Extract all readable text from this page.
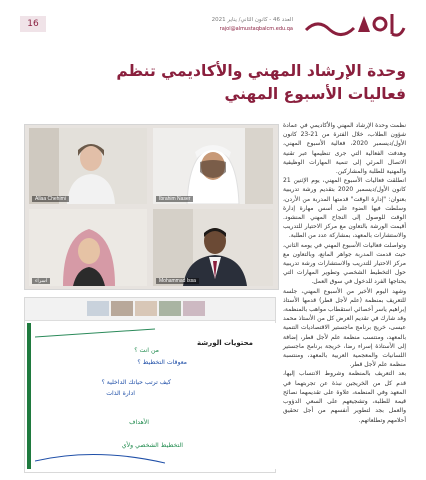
16	العدد 46 - كانون الثاني/ يناير 2021
rajol@almustaqbalcm.edu.qa
وحدة الإرشاد المهني والأكاديمي تنظم
فعاليات الأسبوع المهني

نظمت وحدة الإرشاد المهني والأكاديمي في عمادة شؤون الطلاب، خلال الفترة من 21-23 كانون الأول/ديسمبر 2020، فعالية الأسبوع المهني، وهدفت الفعالية التي جرى تنظيمها عبر تقنية الاتصال المرئي إلى تنمية المهارات الوظيفية والمهنية للطلبة والمشاركين.

انطلقت فعاليات الأسبوع المهني، يوم الإثنين 21 كانون الأول/ديسمبر 2020 بتقديم ورشة تدريبية بعنوان: "إدارة الوقت" قدمتها المدربة من الأردن، وسلطت فيها الضوء على أسس مهارة إدارة الوقت للوصول إلى النجاح المهني المنشود. أقيمت الورشة بالتعاون مع مركز الاحتيار للتدريب والاستشارات بالمعهد، بمشاركة عدد من الطلبة.

وتواصلت فعاليات الأسبوع المهني في يومه الثاني، حيث قدمت المدربة جواهر المانع، وبالتعاون مع مركز الاحتيار للتدريب والاستشارات ورشة تدريبية حول التخطيط الشخصي وتطوير المهارات التي يحتاجها الفرد للدخول في سوق العمل.

وشهد اليوم الأخير من الأسبوع المهني، جلسة للتعريف بمنظمة (علم لأجل قطر) قدمها الأستاذ إبراهيم ياسر أخصائي استقطاب مواهب بالمنظمة، وقد شارك في تقديم العرض كل من الأستاذ محمد عيسى، خريج برنامج ماجستير الاقتصاديات التنمية بالمعهد، ومنتسب منظمة علم لأجل قطر، إضافة إلى الأستاذة إسراء رضا، خريجة برنامج ماجستير اللسانيات والمعجمية العربية بالمعهد، ومنتسبة منظمة علم لأجل قطر.

بعد التعريف بالمنظمة وشروط الانتساب إليها، قدم كل من الخريجين نبذة عن تجربتهما في المعهد وفي المنظمة، علاوة على تقديمهما نصائح قيمة للطلبة، وتشجيعهم على السعي الدؤوب والعمل بجد لتطوير أنفسهم من أجل تحقيق أحلامهم وتطلعاتهم.

Allaa Chehimi	Ibrahim Naser
اسراء	Mohammad Issa
محتويات الورشة
من انت ؟
معوقات التخطيط ؟
كيف ترتب حياتك الداخلية ؟
ادارة الذات
الأهداف
التخطيط الشخصي ولأي
